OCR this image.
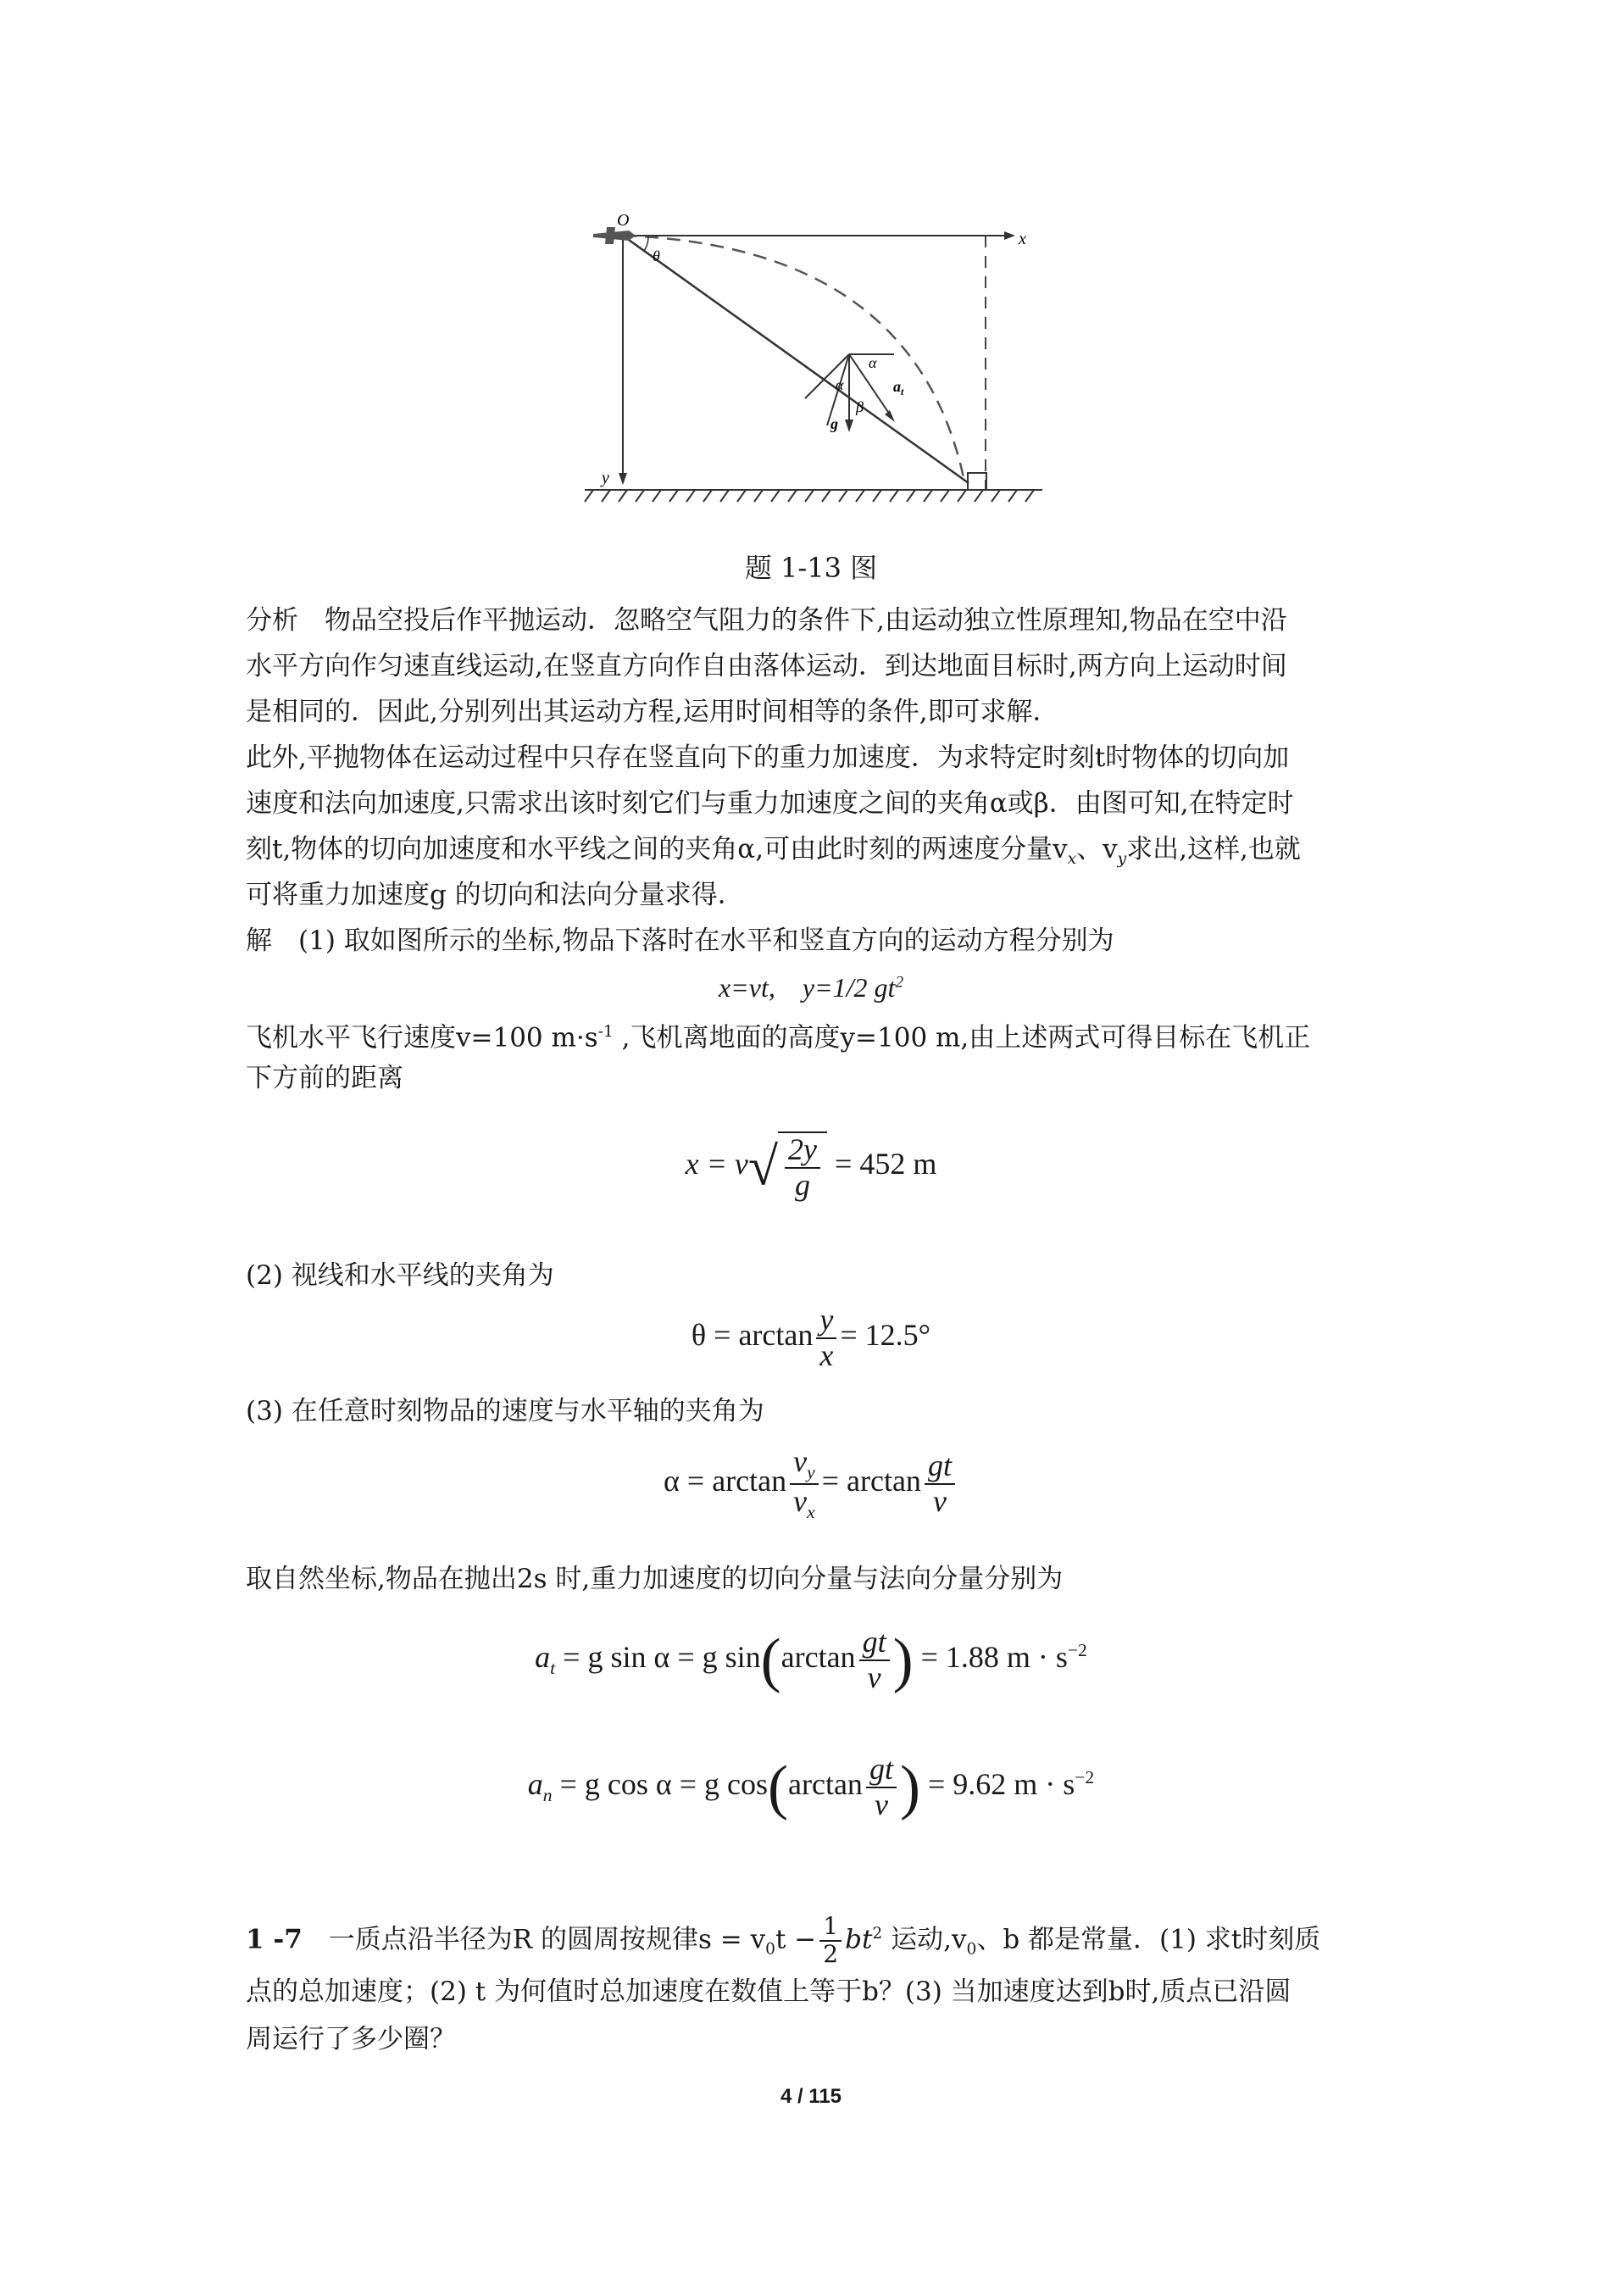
O
x
y
θ
α
α
β
$a_t$
g
题 1-13 图
分析　物品空投后作平抛运动．忽略空气阻力的条件下,由运动独立性原理知,物品在空中沿
水平方向作匀速直线运动,在竖直方向作自由落体运动．到达地面目标时,两方向上运动时间
是相同的．因此,分别列出其运动方程,运用时间相等的条件,即可求解．
此外,平抛物体在运动过程中只存在竖直向下的重力加速度．为求特定时刻t时物体的切向加
速度和法向加速度,只需求出该时刻它们与重力加速度之间的夹角α或β．由图可知,在特定时
刻t,物体的切向加速度和水平线之间的夹角α,可由此时刻的两速度分量$v_x$、$v_y$求出,这样,也就
可将重力加速度g 的切向和法向分量求得．
解　(1) 取如图所示的坐标,物品下落时在水平和竖直方向的运动方程分别为
x=vt,　y=1/2 $gt^2$
飞机水平飞行速度v=100 $m\cdot s^{-1}$ ,飞机离地面的高度y=100 m,由上述两式可得目标在飞机正
下方前的距离
$x = v√ \frac{2y}{g} = 452$ m
(2) 视线和水平线的夹角为
$\theta = \arctan \frac{y}{x} = 12.5^\circ$
(3) 在任意时刻物品的速度与水平轴的夹角为
$\alpha = \arctan \frac{v_y}{v_x} = \arctan \frac{gt}{v}$
取自然坐标,物品在抛出2s 时,重力加速度的切向分量与法向分量分别为
$a_t = g$ sin α = g $\sin(\arctan \frac{gt}{v}$ ) = 1.88 $m \cdot s^{-2}$
$a_n = g$ cos α = g $\cos(\arctan \frac{gt}{v}$ ) = 9.62 $m \cdot s^{-2}$
1 -7　一质点沿半径为R 的圆周按规律$s = v_0t - \frac{1}{2} bt^2$ 运动$,v_0$、b 都是常量．(1) 求t时刻质
点的总加速度；(2) t 为何值时总加速度在数值上等于b？(3) 当加速度达到b时,质点已沿圆
周运行了多少圈？
4 / 115
